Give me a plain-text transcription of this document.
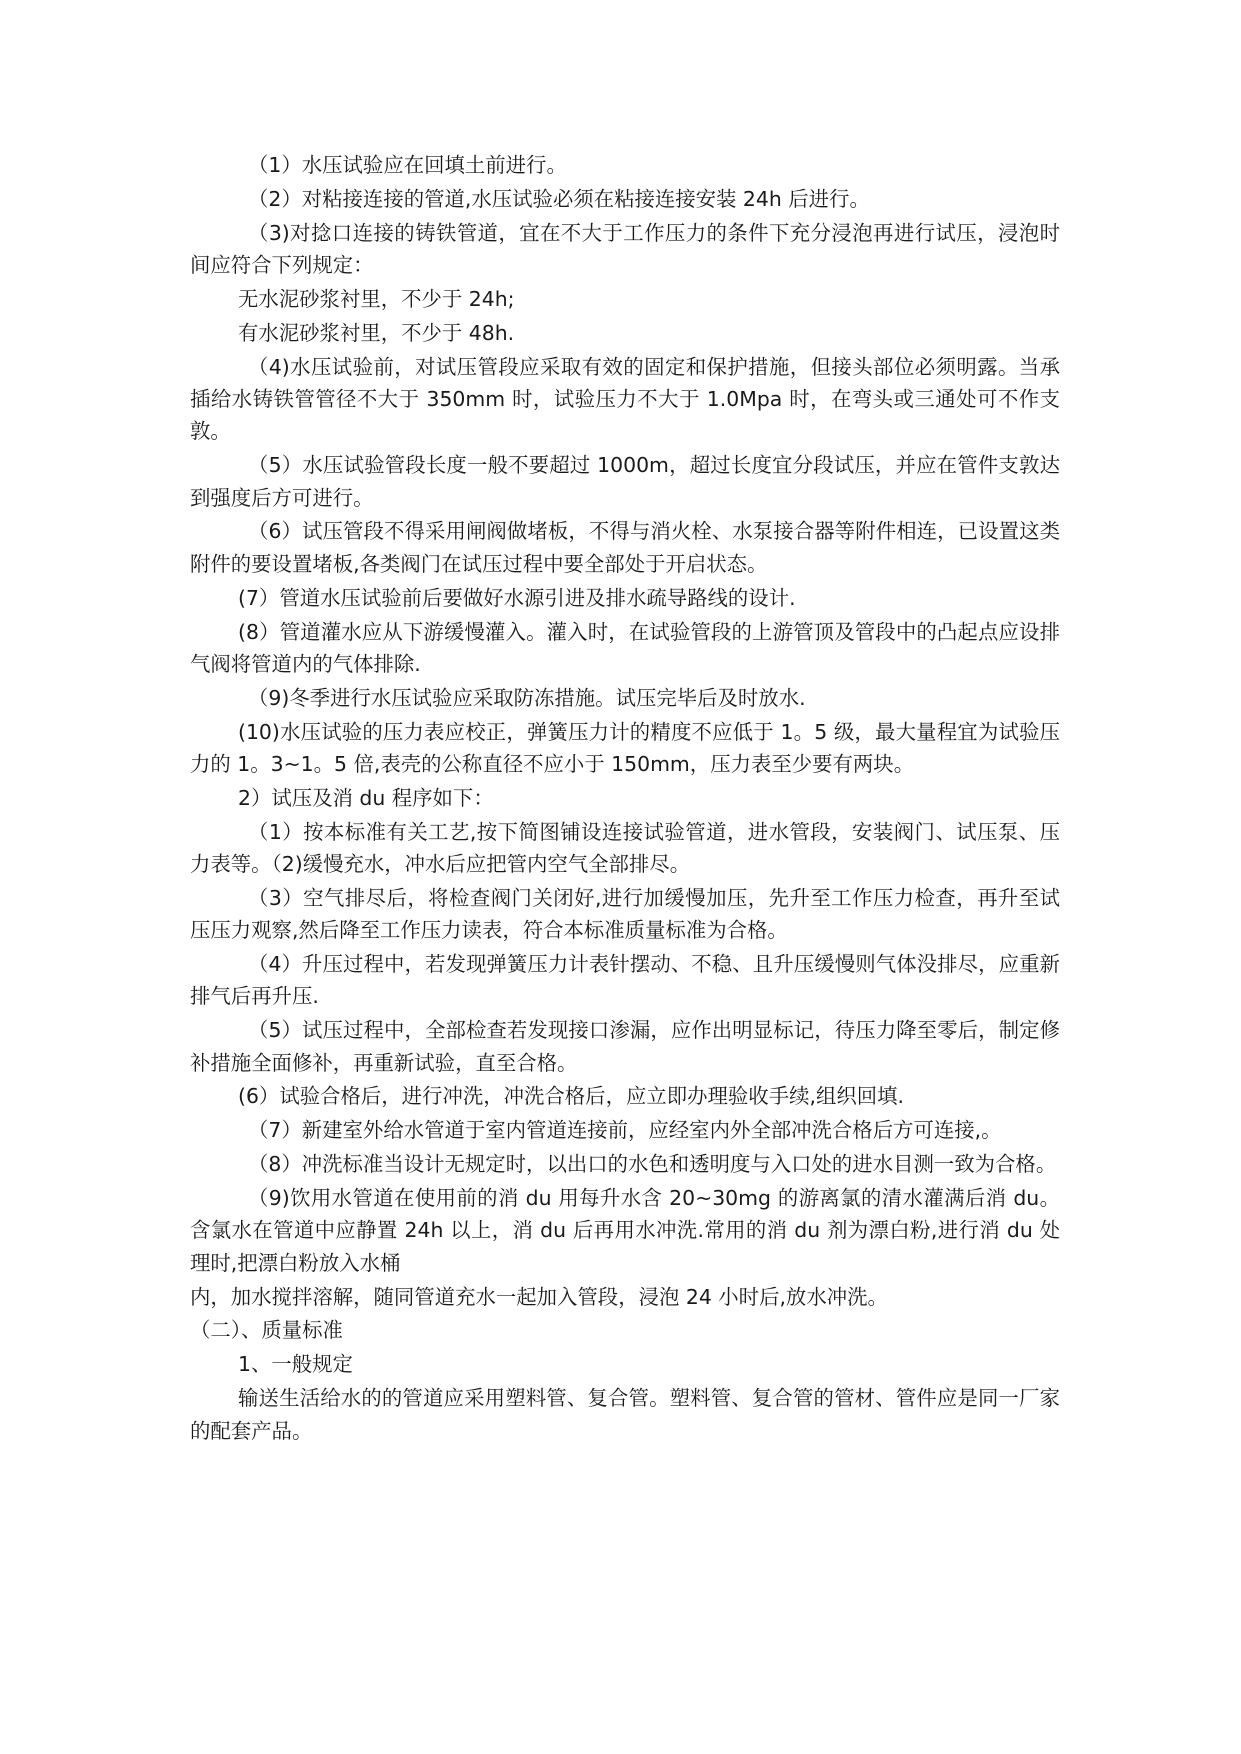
（1）水压试验应在回填土前进行。

（2）对粘接连接的管道,水压试验必须在粘接连接安装 24h 后进行。

（3)对捻口连接的铸铁管道，宜在不大于工作压力的条件下充分浸泡再进行试压，浸泡时间应符合下列规定：

无水泥砂浆衬里，不少于 24h;

有水泥砂浆衬里，不少于 48h.

（4)水压试验前，对试压管段应采取有效的固定和保护措施，但接头部位必须明露。当承插给水铸铁管管径不大于 350mm 时，试验压力不大于 1.0Mpa 时，在弯头或三通处可不作支敦。

（5）水压试验管段长度一般不要超过 1000m，超过长度宜分段试压，并应在管件支敦达到强度后方可进行。

（6）试压管段不得采用闸阀做堵板，不得与消火栓、水泵接合器等附件相连，已设置这类附件的要设置堵板,各类阀门在试压过程中要全部处于开启状态。

(7）管道水压试验前后要做好水源引进及排水疏导路线的设计.

(8）管道灌水应从下游缓慢灌入。灌入时，在试验管段的上游管顶及管段中的凸起点应设排气阀将管道内的气体排除.

（9)冬季进行水压试验应采取防冻措施。试压完毕后及时放水.

(10)水压试验的压力表应校正，弹簧压力计的精度不应低于 1。5 级，最大量程宜为试验压力的 1。3~1。5 倍,表壳的公称直径不应小于 150mm，压力表至少要有两块。

2）试压及消 du 程序如下：

（1）按本标准有关工艺,按下简图铺设连接试验管道，进水管段，安装阀门、试压泵、压力表等。（2)缓慢充水，冲水后应把管内空气全部排尽。

（3）空气排尽后，将检查阀门关闭好,进行加缓慢加压，先升至工作压力检查，再升至试压压力观察,然后降至工作压力读表，符合本标准质量标准为合格。

（4）升压过程中，若发现弹簧压力计表针摆动、不稳、且升压缓慢则气体没排尽，应重新排气后再升压.

（5）试压过程中，全部检查若发现接口渗漏，应作出明显标记，待压力降至零后，制定修补措施全面修补，再重新试验，直至合格。

(6）试验合格后，进行冲洗，冲洗合格后，应立即办理验收手续,组织回填.

（7）新建室外给水管道于室内管道连接前，应经室内外全部冲洗合格后方可连接,。

（8）冲洗标准当设计无规定时，以出口的水色和透明度与入口处的进水目测一致为合格。

（9)饮用水管道在使用前的消 du 用每升水含 20~30mg 的游离氯的清水灌满后消 du。含氯水在管道中应静置 24h 以上，消 du 后再用水冲洗.常用的消 du 剂为漂白粉,进行消 du 处理时,把漂白粉放入水桶

内，加水搅拌溶解，随同管道充水一起加入管段，浸泡 24 小时后,放水冲洗。

（二）、质量标准

1、一般规定

输送生活给水的的管道应采用塑料管、复合管。塑料管、复合管的管材、管件应是同一厂家的配套产品。
